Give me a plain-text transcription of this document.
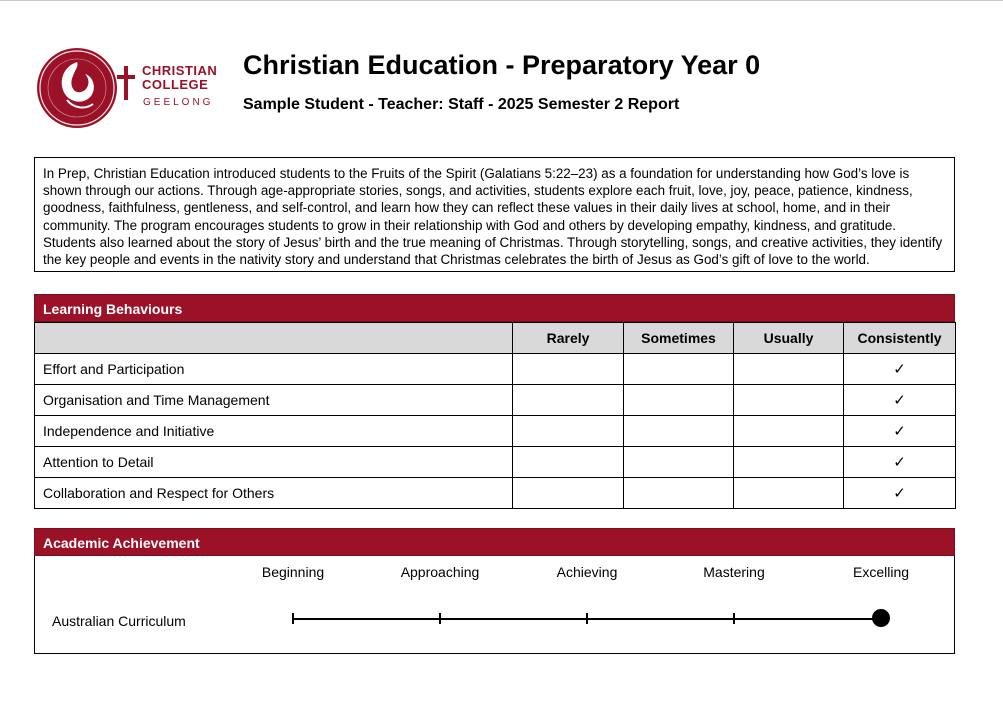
CHRISTIAN
COLLEGE
GEELONG
Christian Education - Preparatory Year 0
Sample Student - Teacher: Staff - 2025 Semester 2 Report

In Prep, Christian Education introduced students to the Fruits of the Spirit (Galatians 5:22–23) as a foundation for understanding how God’s love is shown through our actions. Through age-appropriate stories, songs, and activities, students explore each fruit, love, joy, peace, patience, kindness, goodness, faithfulness, gentleness, and self-control, and learn how they can reflect these values in their daily lives at school, home, and in their community. The program encourages students to grow in their relationship with God and others by developing empathy, kindness, and gratitude. Students also learned about the story of Jesus’ birth and the true meaning of Christmas. Through storytelling, songs, and creative activities, they identify the key people and events in the nativity story and understand that Christmas celebrates the birth of Jesus as God’s gift of love to the world.

Learning Behaviours
	Rarely	Sometimes	Usually	Consistently
Effort and Participation				✓
Organisation and Time Management				✓
Independence and Initiative				✓
Attention to Detail				✓
Collaboration and Respect for Others				✓
Academic Achievement
Beginning	Approaching	Achieving	Mastering	Excelling
Australian Curriculum
